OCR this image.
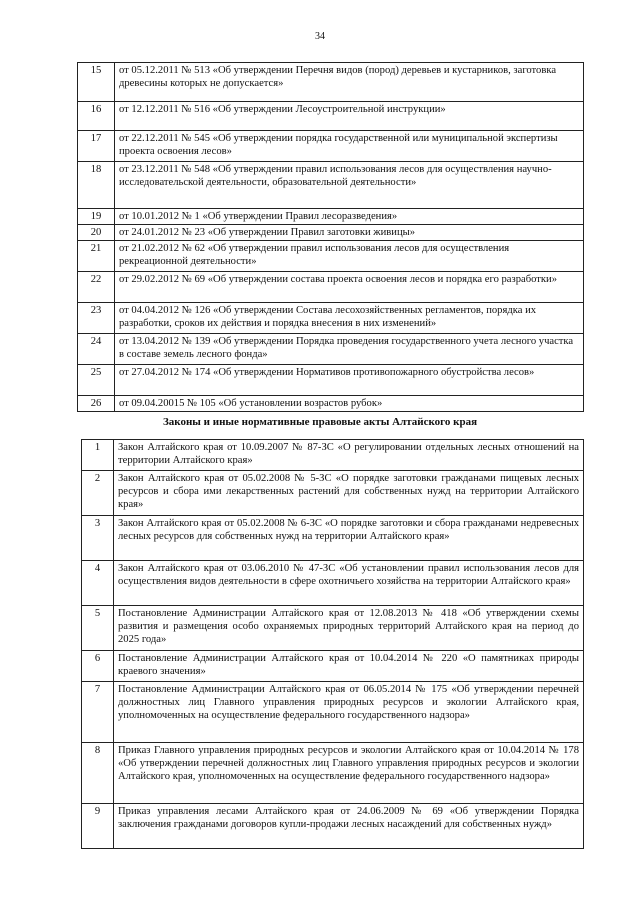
34
15	от 05.12.2011 № 513 «Об утверждении Перечня видов (пород) деревьев и кустарников, заготовка древесины которых не допускается»
16	от 12.12.2011 № 516 «Об утверждении Лесоустроительной инструкции»
17	от 22.12.2011 № 545 «Об утверждении порядка государственной или муниципальной экспертизы проекта освоения лесов»
18	от 23.12.2011 № 548 «Об утверждении правил использования лесов для осуществления научно-исследовательской деятельности, образовательной деятельности»
19	от 10.01.2012 № 1 «Об утверждении Правил лесоразведения»
20	от 24.01.2012 № 23 «Об утверждении Правил заготовки живицы»
21	от 21.02.2012 № 62 «Об утверждении правил использования лесов для осуществления рекреационной деятельности»
22	от 29.02.2012 № 69 «Об утверждении состава проекта освоения лесов и порядка его разработки»
23	от 04.04.2012 № 126 «Об утверждении Состава лесохозяйственных регламентов, порядка их разработки, сроков их действия и порядка внесения в них изменений»
24	от 13.04.2012 № 139 «Об утверждении Порядка проведения государственного учета лесного участка в составе земель лесного фонда»
25	от 27.04.2012 № 174 «Об утверждении Нормативов противопожарного обустройства лесов»
26	от 09.04.20015 № 105 «Об установлении возрастов рубок»
Законы и иные нормативные правовые акты Алтайского края
1	Закон Алтайского края от 10.09.2007 № 87-ЗС «О регулировании отдельных лесных отношений на территории Алтайского края»
2	Закон Алтайского края от 05.02.2008 № 5-ЗС «О порядке заготовки гражданами пищевых лесных ресурсов и сбора ими лекарственных растений для собственных нужд на территории Алтайского края»
3	Закон Алтайского края от 05.02.2008 № 6-ЗС «О порядке заготовки и сбора гражданами недревесных лесных ресурсов для собственных нужд на территории Алтайского края»
4	Закон Алтайского края от 03.06.2010 № 47-ЗС «Об установлении правил использования лесов для осуществления видов деятельности в сфере охотничьего хозяйства на территории Алтайского края»
5	Постановление Администрации Алтайского края от 12.08.2013 № 418 «Об утверждении схемы развития и размещения особо охраняемых природных территорий Алтайского края на период до 2025 года»
6	Постановление Администрации Алтайского края от 10.04.2014 № 220 «О памятниках природы краевого значения»
7	Постановление Администрации Алтайского края от 06.05.2014 № 175 «Об утверждении перечней должностных лиц Главного управления природных ресурсов и экологии Алтайского края, уполномоченных на осуществление федерального государственного надзора»
8	Приказ Главного управления природных ресурсов и экологии Алтайского края от 10.04.2014 № 178 «Об утверждении перечней должностных лиц Главного управления природных ресурсов и экологии Алтайского края, уполномоченных на осуществление федерального государственного надзора»
9	Приказ управления лесами Алтайского края от 24.06.2009 № 69 «Об утверждении Порядка заключения гражданами договоров купли-продажи лесных насаждений для собственных нужд»
